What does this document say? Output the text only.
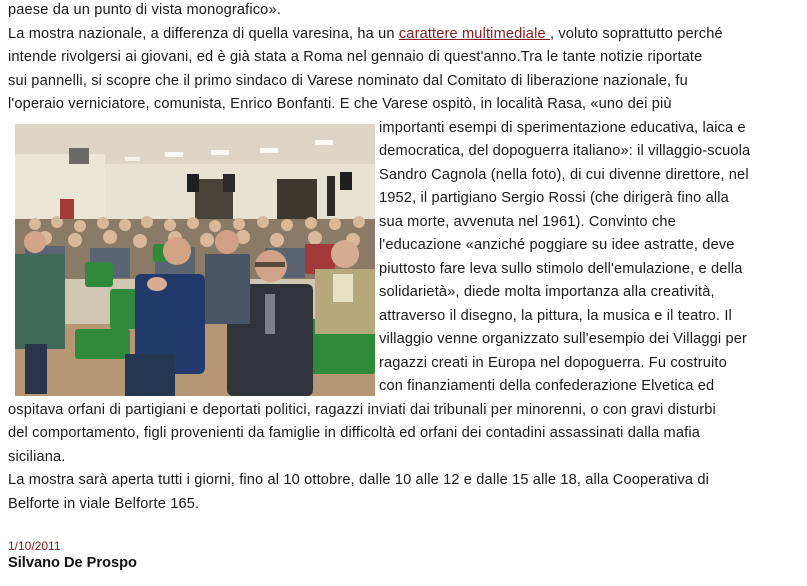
paese da un punto di vista monografico».
La mostra nazionale, a differenza di quella varesina, ha un carattere multimediale , voluto soprattutto perché
intende rivolgersi ai giovani, ed è già stata a Roma nel gennaio di quest'anno.Tra le tante notizie riportate
sui pannelli, si scopre che il primo sindaco di Varese nominato dal Comitato di liberazione nazionale, fu
l'operaio verniciatore, comunista, Enrico Bonfanti. E che Varese ospitò, in località Rasa, «uno dei più
importanti esempi di sperimentazione educativa, laica e
democratica, del dopoguerra italiano»: il villaggio-scuola
Sandro Cagnola (nella foto), di cui divenne direttore, nel
1952, il partigiano Sergio Rossi (che dirigerà fino alla
sua morte, avvenuta nel 1961). Convinto che
l'educazione «anziché poggiare su idee astratte, deve
piuttosto fare leva sullo stimolo dell'emulazione, e della
solidarietà», diede molta importanza alla creatività,
attraverso il disegno, la pittura, la musica e il teatro. Il
villaggio venne organizzato sull'esempio dei Villaggi per
ragazzi creati in Europa nel dopoguerra. Fu costruito
con finanziamenti della confederazione Elvetica ed
ospitava orfani di partigiani e deportati politici, ragazzi inviati dai tribunali per minorenni, o con gravi disturbi
del comportamento, figli provenienti da famiglie in difficoltà ed orfani dei contadini assassinati dalla mafia
siciliana.
La mostra sarà aperta tutti i giorni, fino al 10 ottobre, dalle 10 alle 12 e dalle 15 alle 18, alla Cooperativa di
Belforte in viale Belforte 165.
1/10/2011
Silvano De Prospo
